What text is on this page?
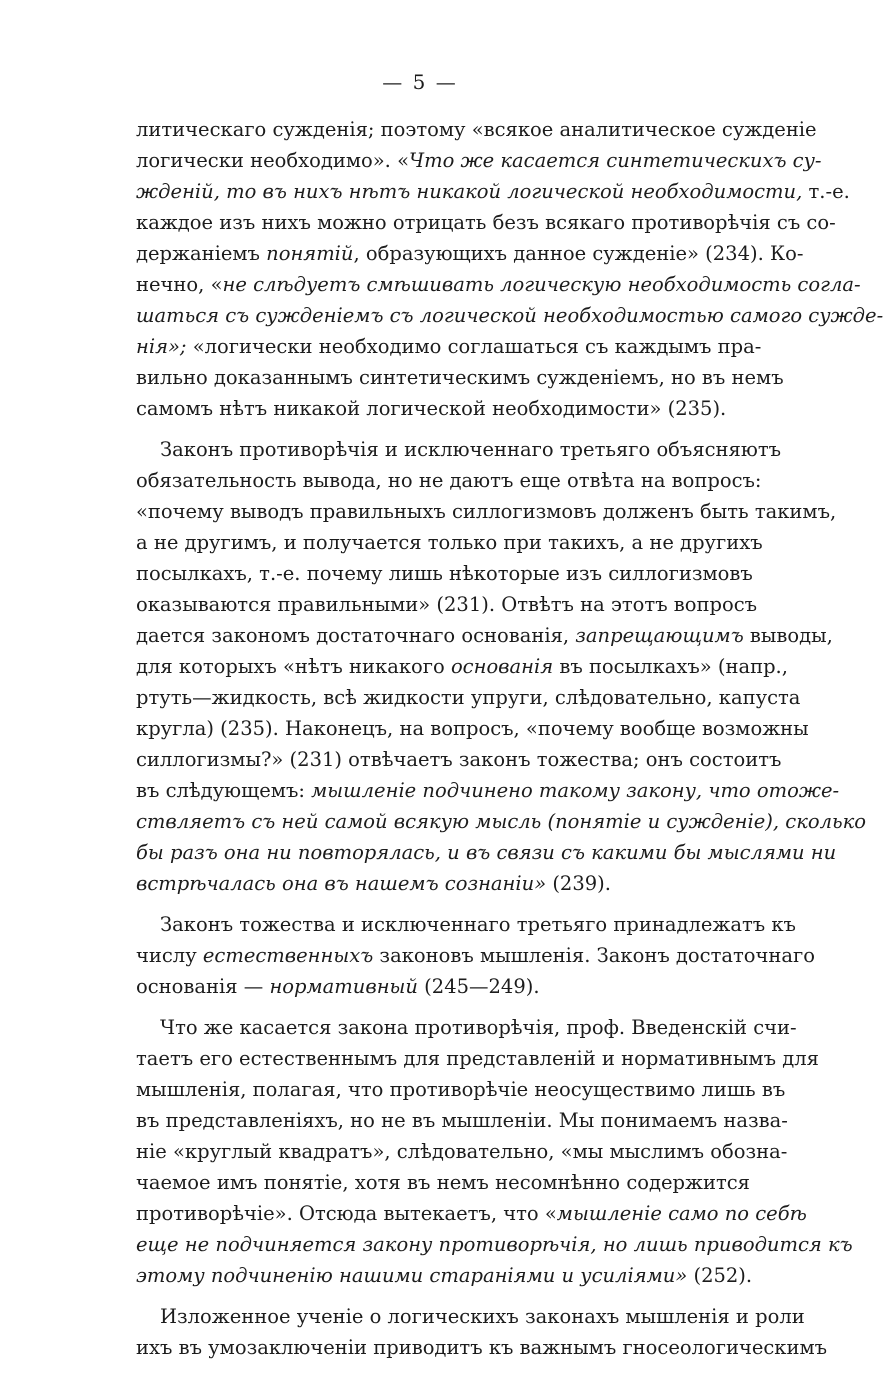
— 5 —
литическаго сужденія; поэтому «всякое аналитическое сужденіе
логически необходимо». «Что же касается синтетическихъ су-
жденій, то въ нихъ нѣтъ никакой логической необходимости, т.-е.
каждое изъ нихъ можно отрицать безъ всякаго противорѣчія съ со-
держаніемъ понятій, образующихъ данное сужденіе» (234). Ко-
нечно, «не слѣдуетъ смѣшивать логическую необходимость соглa-
шаться съ сужденіемъ съ логической необходимостью самого сужде-
нія»; «логически необходимо соглашаться съ каждымъ пра-
вильно доказаннымъ синтетическимъ сужденіемъ, но въ немъ
самомъ нѣтъ никакой логической необходимости» (235).
Законъ противорѣчія и исключеннаго третьяго объясняютъ
обязательность вывода, но не даютъ еще отвѣта на вопросъ:
«почему выводъ правильныхъ силлогизмовъ долженъ быть такимъ,
а не другимъ, и получается только при такихъ, а не другихъ
посылкахъ, т.-е. почему лишь нѣкоторые изъ силлогизмовъ
оказываются правильными» (231). Отвѣтъ на этотъ вопросъ
дается закономъ достаточнаго основанія, запрещающимъ выводы,
для которыхъ «нѣтъ никакого основанія въ посылкахъ» (напр.,
ртуть—жидкость, всѣ жидкости упруги, слѣдовательно, капуста
кругла) (235). Наконецъ, на вопросъ, «почему вообще возможны
силлогизмы?» (231) отвѣчаетъ законъ тожества; онъ состоитъ
въ слѣдующемъ: мышленіе подчинено такому закону, что отоже-
ствляетъ съ ней самой всякую мысль (понятіе и сужденіе), сколько
бы разъ она ни повторялась, и въ связи съ какими бы мыслями ни
встрѣчалась она въ нашемъ сознаніи» (239).
Законъ тожества и исключеннаго третьяго принадлежатъ къ
числу естественныхъ законовъ мышленія. Законъ достаточнаго
основанія — нормативный (245—249).
Что же касается закона противорѣчія, проф. Введенскій счи-
таетъ его естественнымъ для представленій и нормативнымъ для
мышленія, полагая, что противорѣчіе неосуществимо лишь въ
въ представленіяхъ, но не въ мышленіи. Мы понимаемъ назва-
ніе «круглый квадратъ», слѣдовательно, «мы мыслимъ обозна-
чаемое имъ понятіе, хотя въ немъ несомнѣнно содержится
противорѣчіе». Отсюда вытекаетъ, что «мышленіе само по себѣ
еще не подчиняется закону противорѣчія, но лишь приводится къ
этому подчиненію нашими стараніями и усиліями» (252).
Изложенное ученіе о логическихъ законахъ мышленія и роли
ихъ въ умозаключеніи приводитъ къ важнымъ гносеологическимъ
